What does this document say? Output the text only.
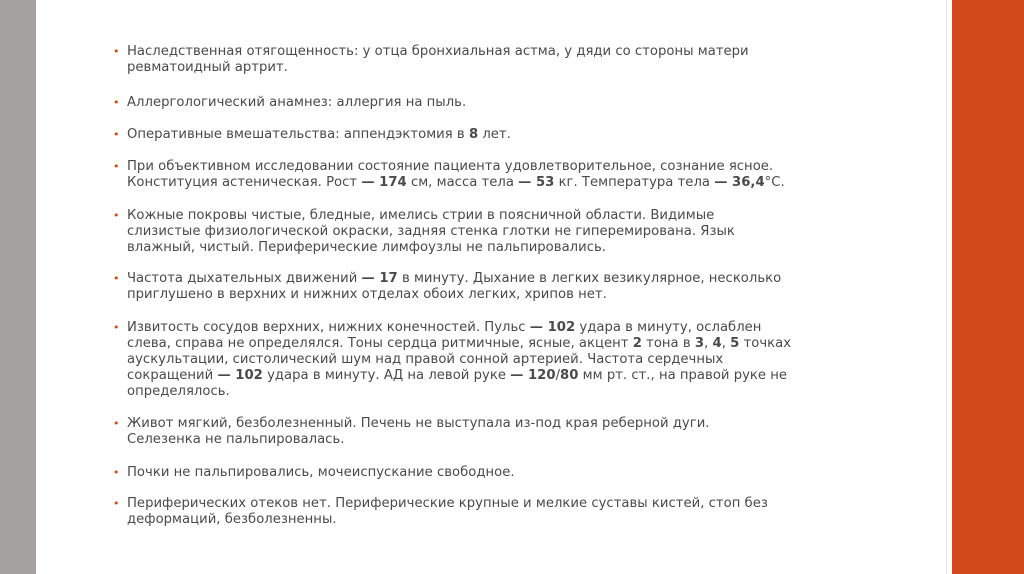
• Наследственная отягощенность: у отца бронхиальная астма, у дяди со стороны матери
ревматоидный артрит.
• Аллергологический анамнез: аллергия на пыль.
• Оперативные вмешательства: аппендэктомия в 8 лет.
• При объективном исследовании состояние пациента удовлетворительное, сознание ясное.
Конституция астеническая. Рост — 174 см, масса тела — 53 кг. Температура тела — 36,4°С.
• Кожные покровы чистые, бледные, имелись стрии в поясничной области. Видимые
слизистые физиологической окраски, задняя стенка глотки не гиперемирована. Язык
влажный, чистый. Периферические лимфоузлы не пальпировались.
• Частота дыхательных движений — 17 в минуту. Дыхание в легких везикулярное, несколько
приглушено в верхних и нижних отделах обоих легких, хрипов нет.
• Извитость сосудов верхних, нижних конечностей. Пульс — 102 удара в минуту, ослаблен
слева, справа не определялся. Тоны сердца ритмичные, ясные, акцент 2 тона в 3, 4, 5 точках
аускультации, систолический шум над правой сонной артерией. Частота сердечных
сокращений — 102 удара в минуту. АД на левой руке — 120/80 мм рт. ст., на правой руке не
определялось.
• Живот мягкий, безболезненный. Печень не выступала из-под края реберной дуги.
Селезенка не пальпировалась.
• Почки не пальпировались, мочеиспускание свободное.
• Периферических отеков нет. Периферические крупные и мелкие суставы кистей, стоп без
деформаций, безболезненны.
